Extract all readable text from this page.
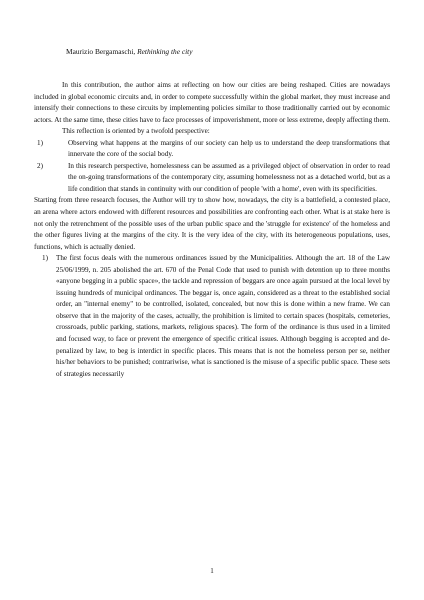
Maurizio Bergamaschi, Rethinking the city

In this contribution, the author aims at reflecting on how our cities are being reshaped. Cities are nowadays included in global economic circuits and, in order to compete successfully within the global market, they must increase and intensify their connections to these circuits by implementing policies similar to those traditionally carried out by economic actors. At the same time, these cities have to face processes of impoverishment, more or less extreme, deeply affecting them.

This reflection is oriented by a twofold perspective:

1)	Observing what happens at the margins of our society can help us to understand the deep transformations that innervate the core of the social body.
2)	In this research perspective, homelessness can be assumed as a privileged object of observation in order to read the on-going transformations of the contemporary city, assuming homelessness not as a detached world, but as a life condition that stands in continuity with our condition of people 'with a home', even with its specificities.

Starting from three research focuses, the Author will try to show how, nowadays, the city is a battlefield, a contested place, an arena where actors endowed with different resources and possibilities are confronting each other. What is at stake here is not only the retrenchment of the possible uses of the urban public space and the 'struggle for existence' of the homeless and the other figures living at the margins of the city. It is the very idea of the city, with its heterogeneous populations, uses, functions, which is actually denied.

1) The first focus deals with the numerous ordinances issued by the Municipalities. Although the art. 18 of the Law 25/06/1999, n. 205 abolished the art. 670 of the Penal Code that used to punish with detention up to three months «anyone begging in a public space», the tackle and repression of beggars are once again pursued at the local level by issuing hundreds of municipal ordinances. The beggar is, once again, considered as a threat to the established social order, an "internal enemy" to be controlled, isolated, concealed, but now this is done within a new frame. We can observe that in the majority of the cases, actually, the prohibition is limited to certain spaces (hospitals, cemeteries, crossroads, public parking, stations, markets, religious spaces). The form of the ordinance is thus used in a limited and focused way, to face or prevent the emergence of specific critical issues. Although begging is accepted and de-penalized by law, to beg is interdict in specific places. This means that is not the homeless person per se, neither his/her behaviors to be punished; contrariwise, what is sanctioned is the misuse of a specific public space. These sets of strategies necessarily
1
